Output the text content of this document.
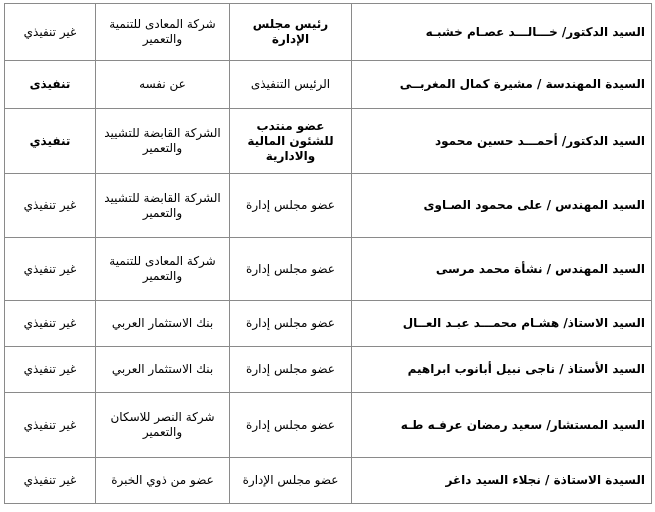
السيد الدكتور/ خـــالـــد عصـام خشبـه	رئيس مجلس الإدارة	شركة المعادى للتنمية والتعمير	غير تنفيذي
السيدة المهندسة / مشيرة كمال المغربــى	الرئيس التنفيذى	عن نفسه	تنفيذى
السيد الدكتور/ أحمـــد حسين محمود	عضو منتدب للشئون المالية والادارية	الشركة القابضة للتشييد والتعمير	تنفيذي
السيد المهندس / على محمود الصـاوى	عضو مجلس إدارة	الشركة القابضة للتشييد والتعمير	غير تنفيذي
السيد المهندس / نشأة محمد مرسى	عضو مجلس إدارة	شركة المعادى للتنمية والتعمير	غير تنفيذي
السيد الاستاذ/ هشـام محمـــد عبـد العــال	عضو مجلس إدارة	بنك الاستثمار العربي	غير تنفيذي
السيد الأستاذ / ناجى نبيل أبانوب ابراهيم	عضو مجلس إدارة	بنك الاستثمار العربي	غير تنفيذي
السيد المستشار/ سعيد رمضان عرفـه طـه	عضو مجلس إدارة	شركة النصر للاسكان والتعمير	غير تنفيذي
السيدة الاستاذة / نجلاء السيد داغر	عضو مجلس الإدارة	عضو من ذوي الخبرة	غير تنفيذي
